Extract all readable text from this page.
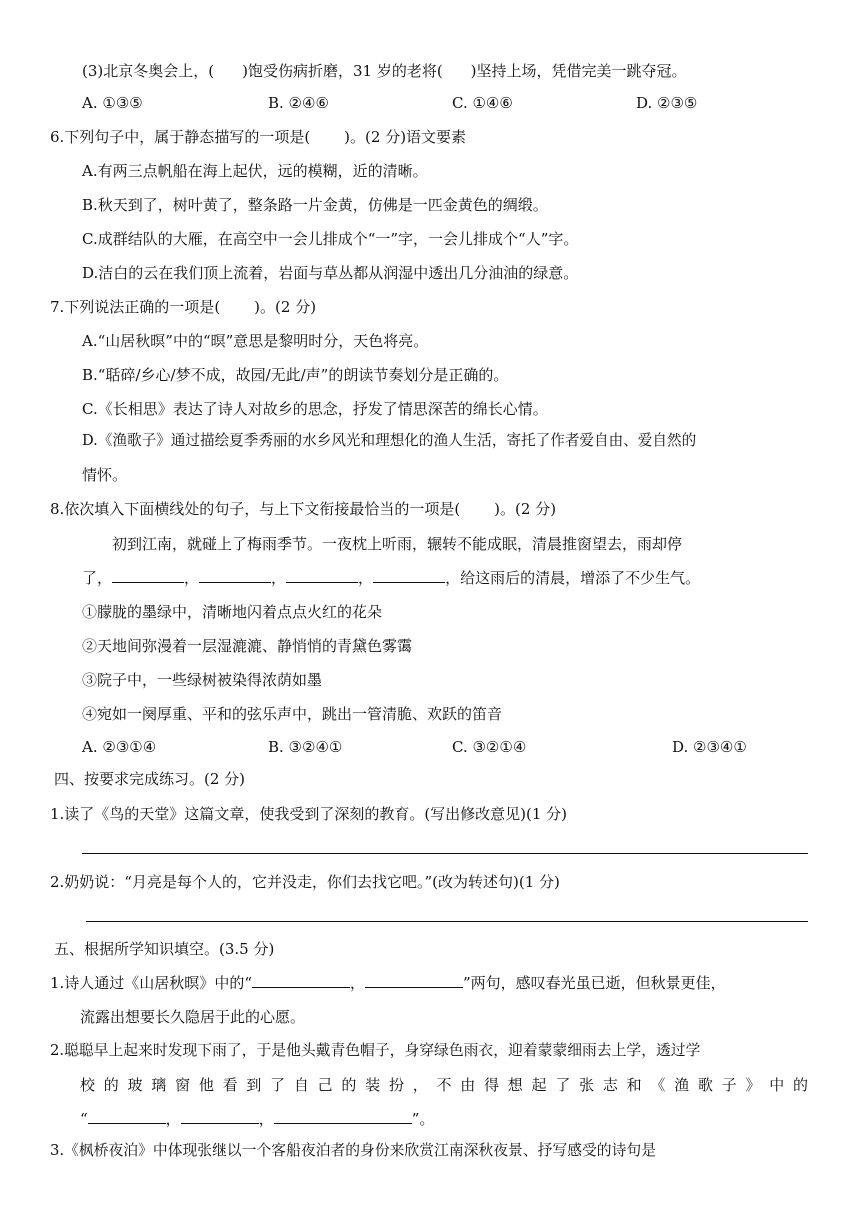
(3)北京冬奥会上，( )饱受伤病折磨，31 岁的老将( )坚持上场，凭借完美一跳夺冠。
A. ①③⑤	B. ②④⑥	C. ①④⑥	D. ②③⑤
6.下列句子中，属于静态描写的一项是( )。(2 分)语文要素
A.有两三点帆船在海上起伏，远的模糊，近的清晰。
B.秋天到了，树叶黄了，整条路一片金黄，仿佛是一匹金黄色的绸缎。
C.成群结队的大雁，在高空中一会儿排成个“一”字，一会儿排成个“人”字。
D.洁白的云在我们顶上流着，岩面与草丛都从润湿中透出几分油油的绿意。
7.下列说法正确的一项是( )。(2 分)
A.“山居秋暝”中的“暝”意思是黎明时分，天色将亮。
B.“聒碎/乡心/梦不成，故园/无此/声”的朗读节奏划分是正确的。
C.《长相思》表达了诗人对故乡的思念，抒发了情思深苦的绵长心情。
D.《渔歌子》通过描绘夏季秀丽的水乡风光和理想化的渔人生活，寄托了作者爱自由、爱自然的
情怀。
8.依次填入下面横线处的句子，与上下文衔接最恰当的一项是( )。(2 分)
初到江南，就碰上了梅雨季节。一夜枕上听雨，辗转不能成眠，清晨推窗望去，雨却停
了，	，	，	，	，给这雨后的清晨，增添了不少生气。
①朦胧的墨绿中，清晰地闪着点点火红的花朵
②天地间弥漫着一层湿漉漉、静悄悄的青黛色雾霭
③院子中，一些绿树被染得浓荫如墨
④宛如一阕厚重、平和的弦乐声中，跳出一管清脆、欢跃的笛音
A. ②③①④	B. ③②④①	C. ③②①④	D. ②③④①
四、按要求完成练习。(2 分)
1.读了《鸟的天堂》这篇文章，使我受到了深刻的教育。(写出修改意见)(1 分)
2.奶奶说：“月亮是每个人的，它并没走，你们去找它吧。”(改为转述句)(1 分)
五、根据所学知识填空。(3.5 分)
1.诗人通过《山居秋暝》中的“	，	”两句，感叹春光虽已逝，但秋景更佳，
流露出想要长久隐居于此的心愿。
2.聪聪早上起来时发现下雨了，于是他头戴青色帽子，身穿绿色雨衣，迎着蒙蒙细雨去上学，透过学
校 的 玻 璃 窗 他 看 到 了 自 己 的 装 扮 ， 不 由 得 想 起 了 张 志 和 《 渔 歌 子 》 中 的
“	，	，	”。
3.《枫桥夜泊》中体现张继以一个客船夜泊者的身份来欣赏江南深秋夜景、抒写感受的诗句是
